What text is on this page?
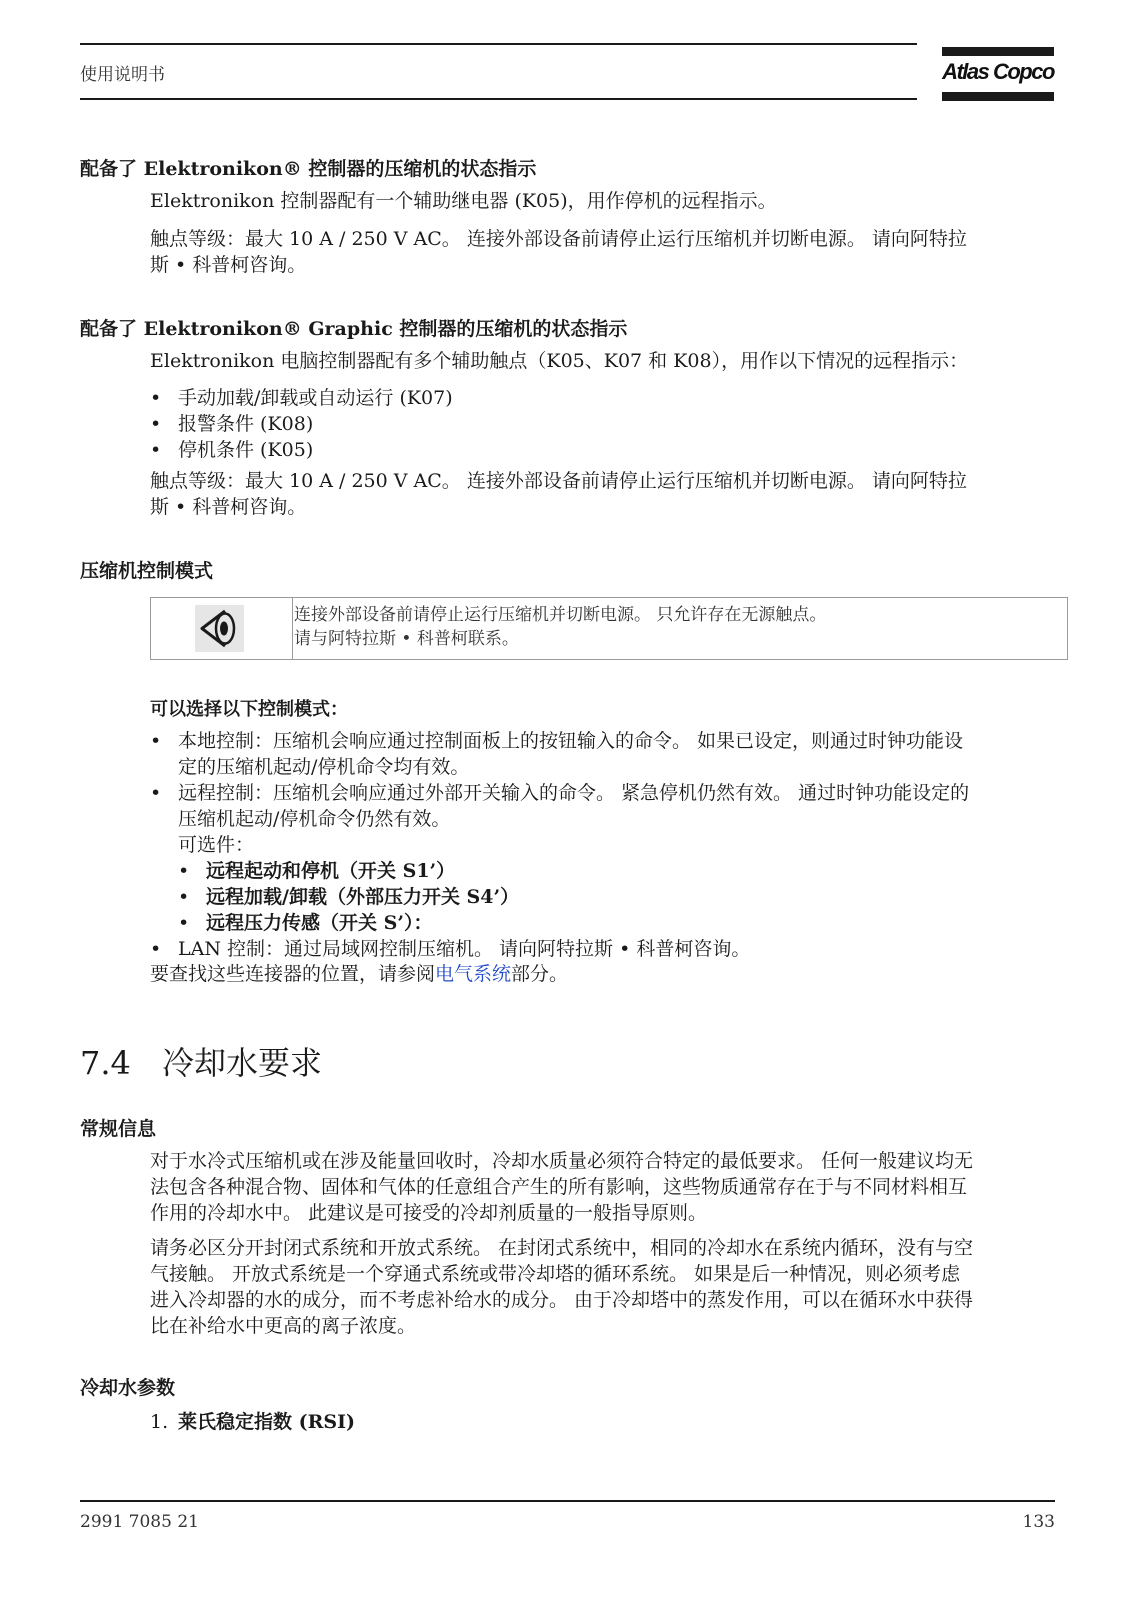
使用说明书	Atlas Copco
配备了 Elektronikon® 控制器的压缩机的状态指示
Elektronikon 控制器配有一个辅助继电器 (K05)，用作停机的远程指示。
触点等级：最大 10 A / 250 V AC。 连接外部设备前请停止运行压缩机并切断电源。 请向阿特拉
斯 • 科普柯咨询。
配备了 Elektronikon® Graphic 控制器的压缩机的状态指示
Elektronikon 电脑控制器配有多个辅助触点（K05、K07 和 K08），用作以下情况的远程指示：
• 手动加载/卸载或自动运行 (K07)
• 报警条件 (K08)
• 停机条件 (K05)
触点等级：最大 10 A / 250 V AC。 连接外部设备前请停止运行压缩机并切断电源。 请向阿特拉
斯 • 科普柯咨询。
压缩机控制模式
连接外部设备前请停止运行压缩机并切断电源。 只允许存在无源触点。
请与阿特拉斯 • 科普柯联系。
可以选择以下控制模式：
• 本地控制：压缩机会响应通过控制面板上的按钮输入的命令。 如果已设定，则通过时钟功能设
定的压缩机起动/停机命令均有效。
• 远程控制：压缩机会响应通过外部开关输入的命令。 紧急停机仍然有效。 通过时钟功能设定的
压缩机起动/停机命令仍然有效。
可选件：
• 远程起动和停机（开关 S1’）
• 远程加载/卸载（外部压力开关 S4’）
• 远程压力传感（开关 S’）：
• LAN 控制：通过局域网控制压缩机。 请向阿特拉斯 • 科普柯咨询。
要查找这些连接器的位置，请参阅电气系统部分。
7.4 冷却水要求
常规信息
对于水冷式压缩机或在涉及能量回收时，冷却水质量必须符合特定的最低要求。 任何一般建议均无
法包含各种混合物、固体和气体的任意组合产生的所有影响，这些物质通常存在于与不同材料相互
作用的冷却水中。 此建议是可接受的冷却剂质量的一般指导原则。
请务必区分开封闭式系统和开放式系统。 在封闭式系统中，相同的冷却水在系统内循环，没有与空
气接触。 开放式系统是一个穿通式系统或带冷却塔的循环系统。 如果是后一种情况，则必须考虑
进入冷却器的水的成分，而不考虑补给水的成分。 由于冷却塔中的蒸发作用，可以在循环水中获得
比在补给水中更高的离子浓度。
冷却水参数
1. 莱氏稳定指数 (RSI)
2991 7085 21	133
